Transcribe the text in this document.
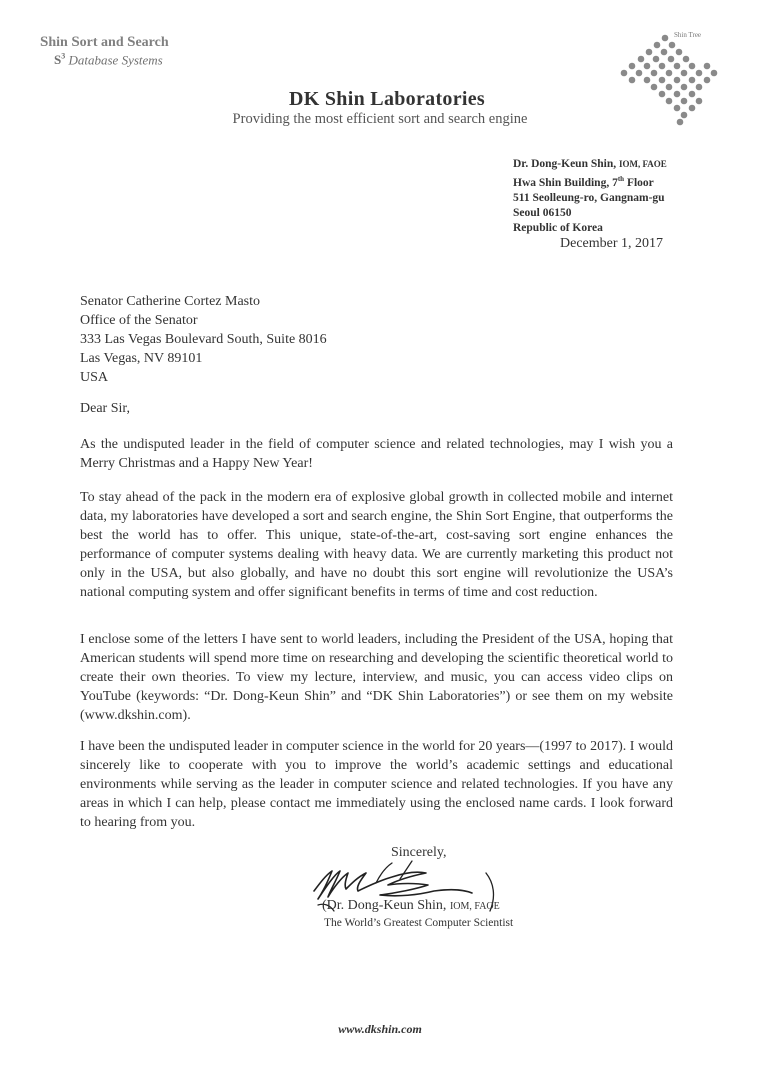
Shin Sort and Search
$S^3$ Database Systems
Shin Tree
DK Shin Laboratories
Providing the most efficient sort and search engine
Dr. Dong-Keun Shin, IOM, FAOE
Hwa Shin Building, 7th Floor
511 Seolleung-ro, Gangnam-gu
Seoul 06150
Republic of Korea
December 1, 2017
Senator Catherine Cortez Masto
Office of the Senator
333 Las Vegas Boulevard South, Suite 8016
Las Vegas, NV 89101
USA
Dear Sir,
As the undisputed leader in the field of computer science and related technologies, may I wish you a Merry Christmas and a Happy New Year!
To stay ahead of the pack in the modern era of explosive global growth in collected mobile and internet data, my laboratories have developed a sort and search engine, the Shin Sort Engine, that outperforms the best the world has to offer. This unique, state-of-the-art, cost-saving sort engine enhances the performance of computer systems dealing with heavy data. We are currently marketing this product not only in the USA, but also globally, and have no doubt this sort engine will revolutionize the USA’s national computing system and offer significant benefits in terms of time and cost reduction.
I enclose some of the letters I have sent to world leaders, including the President of the USA, hoping that American students will spend more time on researching and developing the scientific theoretical world to create their own theories. To view my lecture, interview, and music, you can access video clips on YouTube (keywords: “Dr. Dong-Keun Shin” and “DK Shin Laboratories”) or see them on my website (www.dkshin.com).
I have been the undisputed leader in computer science in the world for 20 years—(1997 to 2017). I would sincerely like to cooperate with you to improve the world’s academic settings and educational environments while serving as the leader in computer science and related technologies. If you have any areas in which I can help, please contact me immediately using the enclosed name cards. I look forward to hearing from you.
Sincerely,
(Dr. Dong-Keun Shin, IOM, FAOE
The World’s Greatest Computer Scientist
www.dkshin.com
